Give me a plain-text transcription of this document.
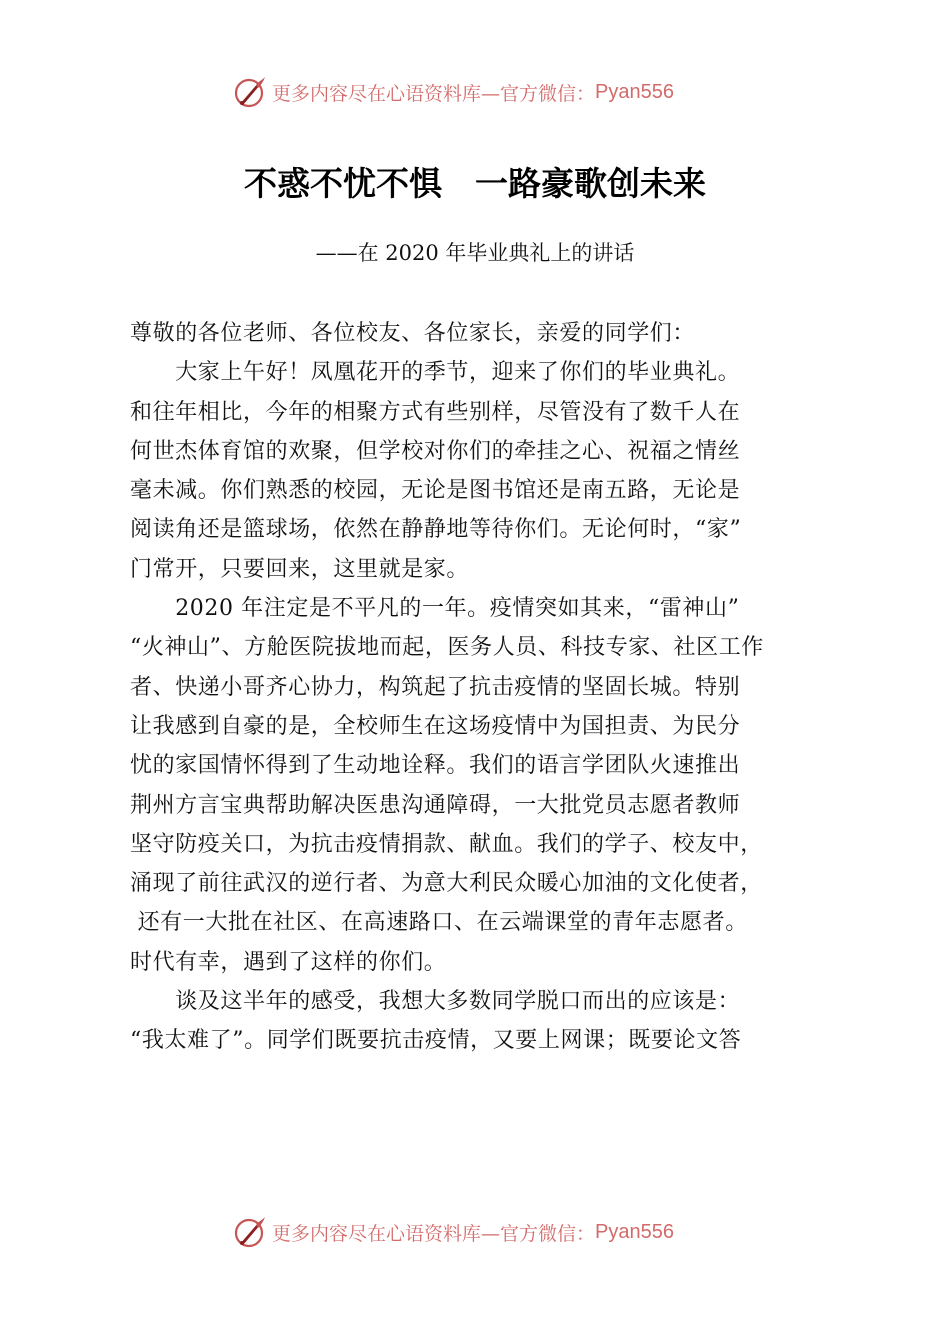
更多内容尽在心语资料库—官方微信： Pyan556
不惑不忧不惧　一路豪歌创未来
——在 2020 年毕业典礼上的讲话
尊敬的各位老师、各位校友、各位家长，亲爱的同学们：
　　大家上午好！凤凰花开的季节，迎来了你们的毕业典礼。
和往年相比，今年的相聚方式有些别样，尽管没有了数千人在
何世杰体育馆的欢聚，但学校对你们的牵挂之心、祝福之情丝
毫未减。你们熟悉的校园，无论是图书馆还是南五路，无论是
阅读角还是篮球场，依然在静静地等待你们。无论何时，“家”
门常开，只要回来，这里就是家。
　　2020 年注定是不平凡的一年。疫情突如其来，“雷神山”
“火神山”、方舱医院拔地而起，医务人员、科技专家、社区工作
者、快递小哥齐心协力，构筑起了抗击疫情的坚固长城。特别
让我感到自豪的是，全校师生在这场疫情中为国担责、为民分
忧的家国情怀得到了生动地诠释。我们的语言学团队火速推出
荆州方言宝典帮助解决医患沟通障碍，一大批党员志愿者教师
坚守防疫关口，为抗击疫情捐款、献血。我们的学子、校友中，
涌现了前往武汉的逆行者、为意大利民众暖心加油的文化使者，
还有一大批在社区、在高速路口、在云端课堂的青年志愿者。
时代有幸，遇到了这样的你们。
　　谈及这半年的感受，我想大多数同学脱口而出的应该是：
“我太难了”。同学们既要抗击疫情，又要上网课；既要论文答
更多内容尽在心语资料库—官方微信： Pyan556
